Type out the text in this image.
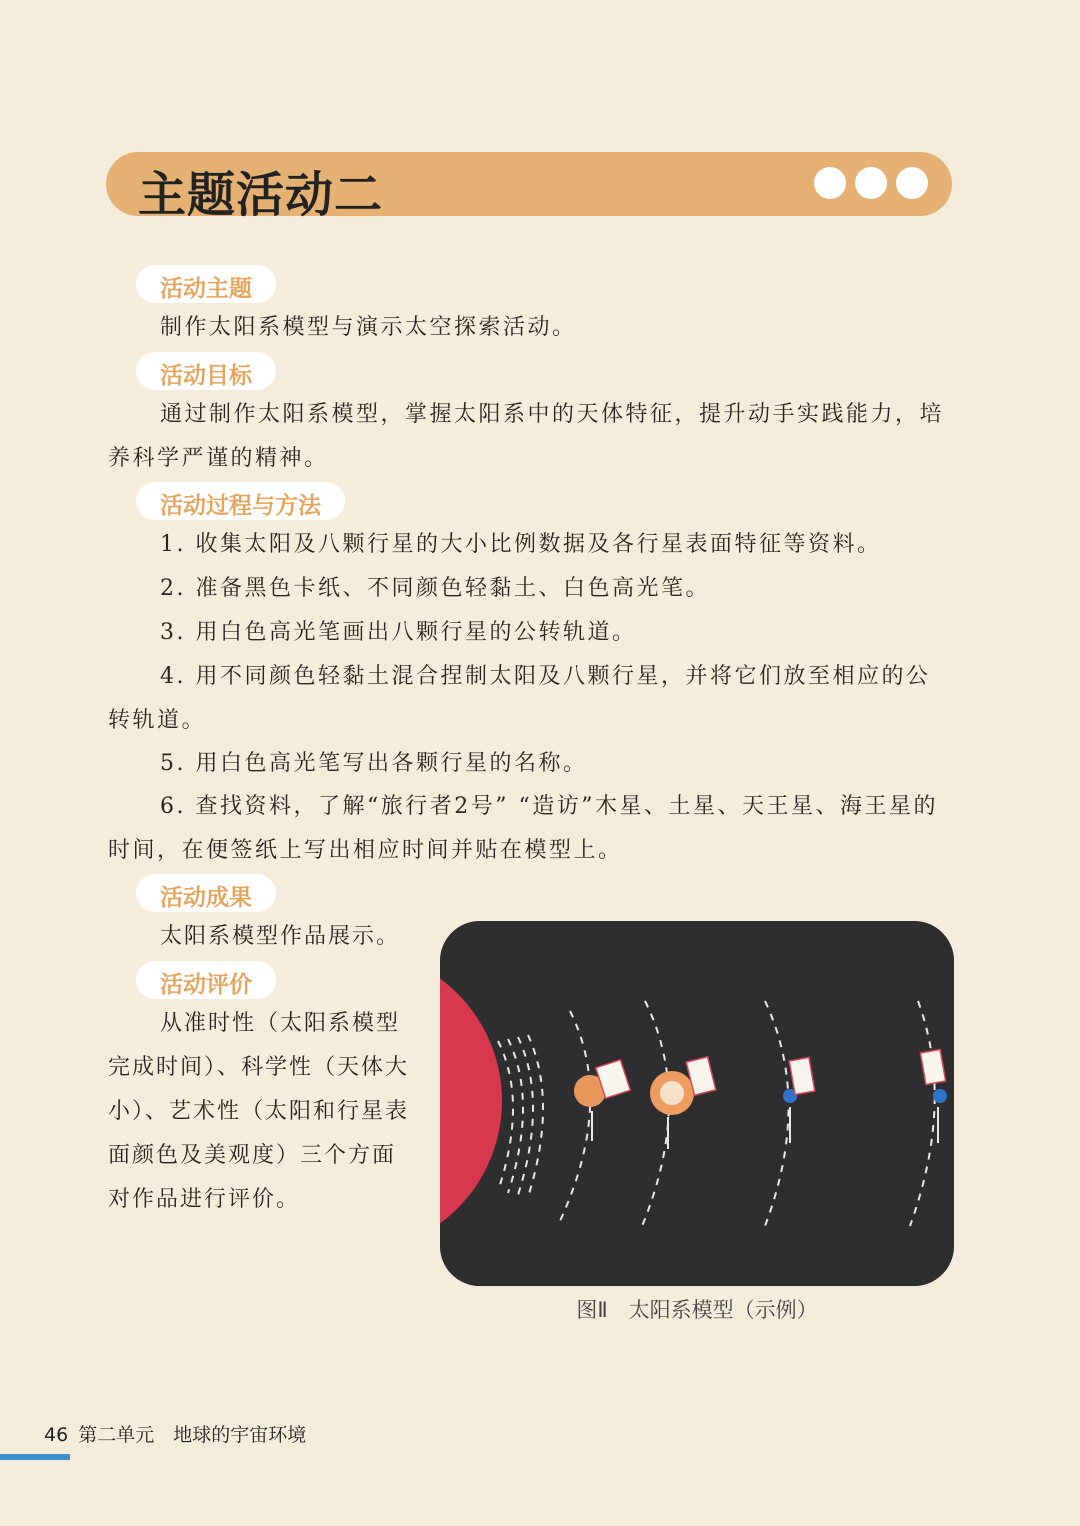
主题活动二
活动主题
制作太阳系模型与演示太空探索活动。
活动目标
通过制作太阳系模型，掌握太阳系中的天体特征，提升动手实践能力，培养科学严谨的精神。
活动过程与方法
1. 收集太阳及八颗行星的大小比例数据及各行星表面特征等资料。
2. 准备黑色卡纸、不同颜色轻黏土、白色高光笔。
3. 用白色高光笔画出八颗行星的公转轨道。
4. 用不同颜色轻黏土混合捏制太阳及八颗行星，并将它们放至相应的公转轨道。
5. 用白色高光笔写出各颗行星的名称。
6. 查找资料，了解“旅行者2号” “造访”木星、土星、天王星、海王星的时间，在便签纸上写出相应时间并贴在模型上。
活动成果
太阳系模型作品展示。
活动评价
从准时性（太阳系模型完成时间）、科学性（天体大小）、艺术性（太阳和行星表面颜色及美观度）三个方面对作品进行评价。
图Ⅱ　太阳系模型（示例）
46 第二单元　地球的宇宙环境
